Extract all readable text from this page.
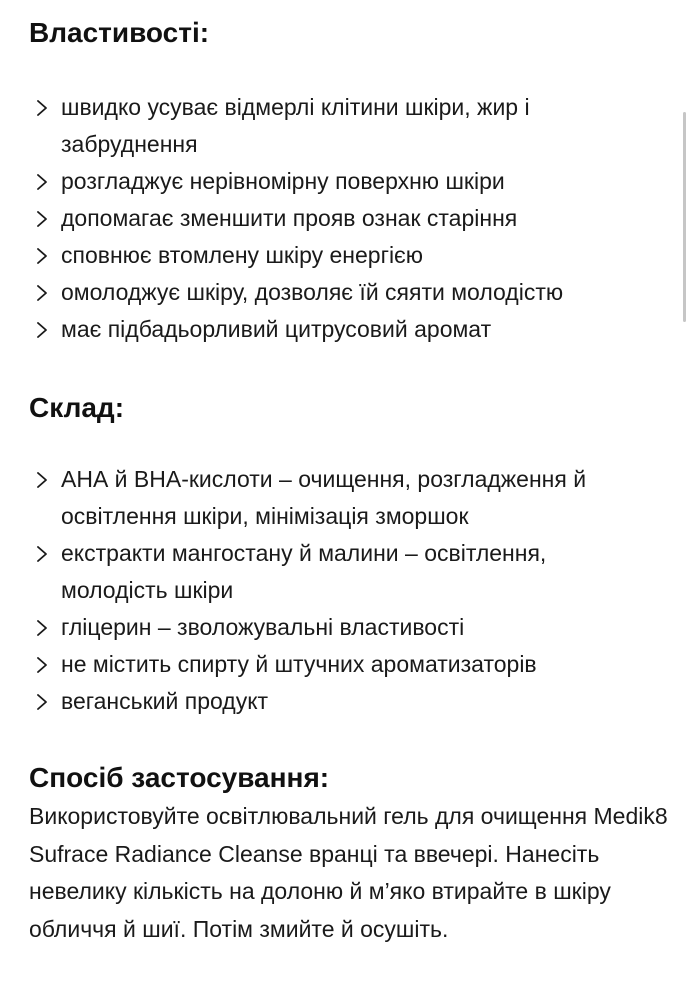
Властивості:
швидко усуває відмерлі клітини шкіри, жир і забруднення
розгладжує нерівномірну поверхню шкіри
допомагає зменшити прояв ознак старіння
сповнює втомлену шкіру енергією
омолоджує шкіру, дозволяє їй сяяти молодістю
має підбадьорливий цитрусовий аромат
Склад:
АНА й ВНА-кислоти – очищення, розгладження й освітлення шкіри, мінімізація зморшок
екстракти мангостану й малини – освітлення, молодість шкіри
гліцерин – зволожувальні властивості
не містить спирту й штучних ароматизаторів
веганський продукт
Спосіб застосування:

Використовуйте освітлювальний гель для очищення Medik8 Sufrace Radiance Cleanse вранці та ввечері. Нанесіть невелику кількість на долоню й м’яко втирайте в шкіру обличчя й шиї. Потім змийте й осушіть.
